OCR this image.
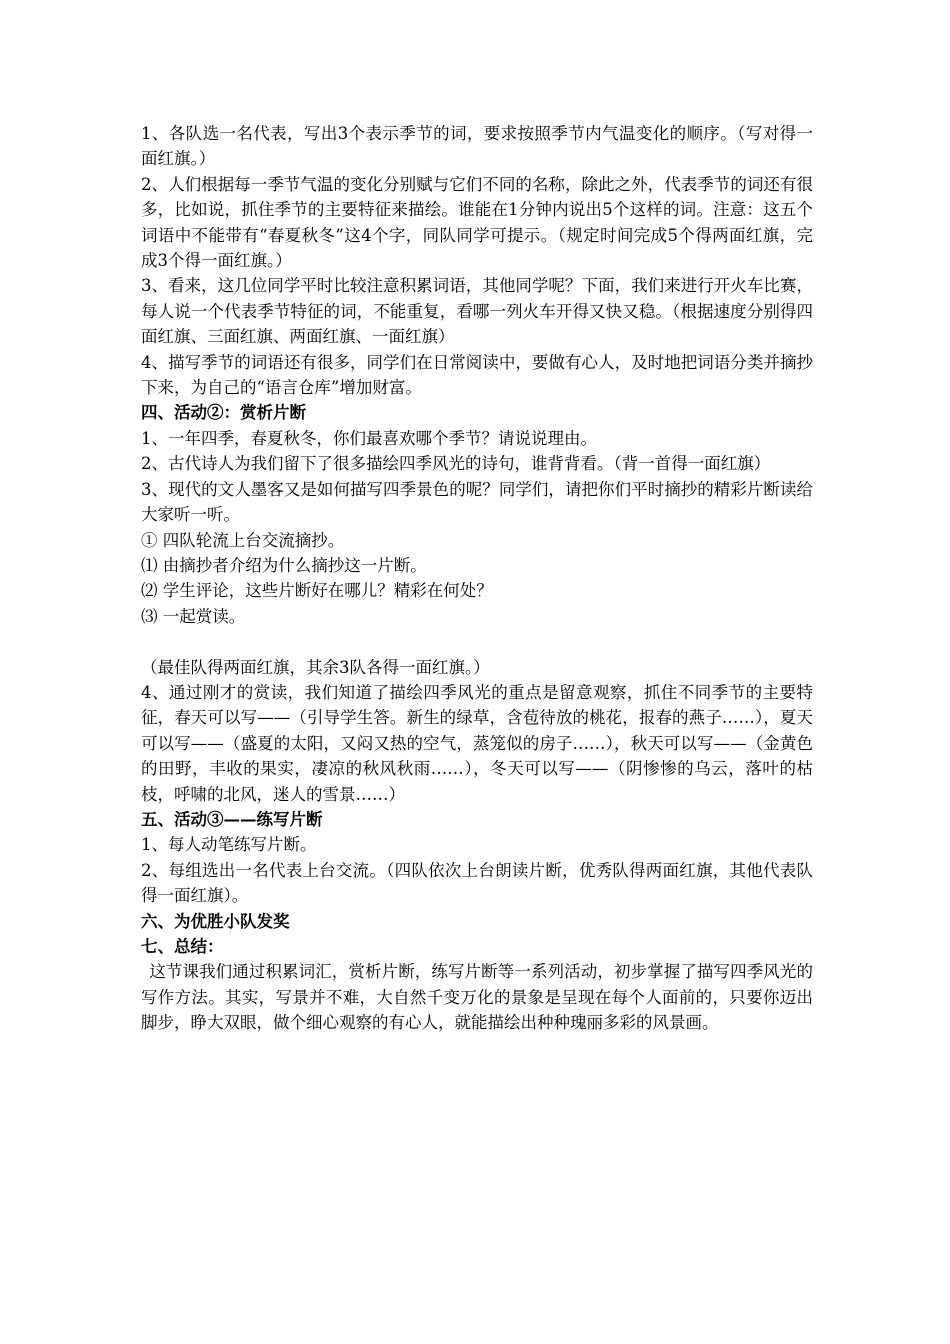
1、各队选一名代表，写出3个表示季节的词，要求按照季节内气温变化的顺序。（写对得一面红旗。）

2、人们根据每一季节气温的变化分别赋与它们不同的名称，除此之外，代表季节的词还有很多，比如说，抓住季节的主要特征来描绘。谁能在1分钟内说出5个这样的词。注意：这五个词语中不能带有“春夏秋冬”这4个字，同队同学可提示。（规定时间完成5个得两面红旗，完成3个得一面红旗。）

3、看来，这几位同学平时比较注意积累词语，其他同学呢？下面，我们来进行开火车比赛，每人说一个代表季节特征的词，不能重复，看哪一列火车开得又快又稳。（根据速度分别得四面红旗、三面红旗、两面红旗、一面红旗）

4、描写季节的词语还有很多，同学们在日常阅读中，要做有心人，及时地把词语分类并摘抄下来，为自己的“语言仓库”增加财富。

四、活动②：赏析片断

1、一年四季，春夏秋冬，你们最喜欢哪个季节？请说说理由。

2、古代诗人为我们留下了很多描绘四季风光的诗句，谁背背看。（背一首得一面红旗）

3、现代的文人墨客又是如何描写四季景色的呢？同学们，请把你们平时摘抄的精彩片断读给大家听一听。

① 四队轮流上台交流摘抄。

⑴ 由摘抄者介绍为什么摘抄这一片断。

⑵ 学生评论，这些片断好在哪儿？精彩在何处？

⑶ 一起赏读。

（最佳队得两面红旗，其余3队各得一面红旗。）

4、通过刚才的赏读，我们知道了描绘四季风光的重点是留意观察，抓住不同季节的主要特征，春天可以写——（引导学生答。新生的绿草，含苞待放的桃花，报春的燕子……），夏天可以写——（盛夏的太阳，又闷又热的空气，蒸笼似的房子……），秋天可以写——（金黄色的田野，丰收的果实，凄凉的秋风秋雨……），冬天可以写——（阴惨惨的乌云，落叶的枯枝，呼啸的北风，迷人的雪景……）

五、活动③——练写片断

1、每人动笔练写片断。

2、每组选出一名代表上台交流。（四队依次上台朗读片断，优秀队得两面红旗，其他代表队得一面红旗）。

六、为优胜小队发奖

七、总结：

这节课我们通过积累词汇，赏析片断，练写片断等一系列活动，初步掌握了描写四季风光的写作方法。其实，写景并不难，大自然千变万化的景象是呈现在每个人面前的，只要你迈出脚步，睁大双眼，做个细心观察的有心人，就能描绘出种种瑰丽多彩的风景画。
